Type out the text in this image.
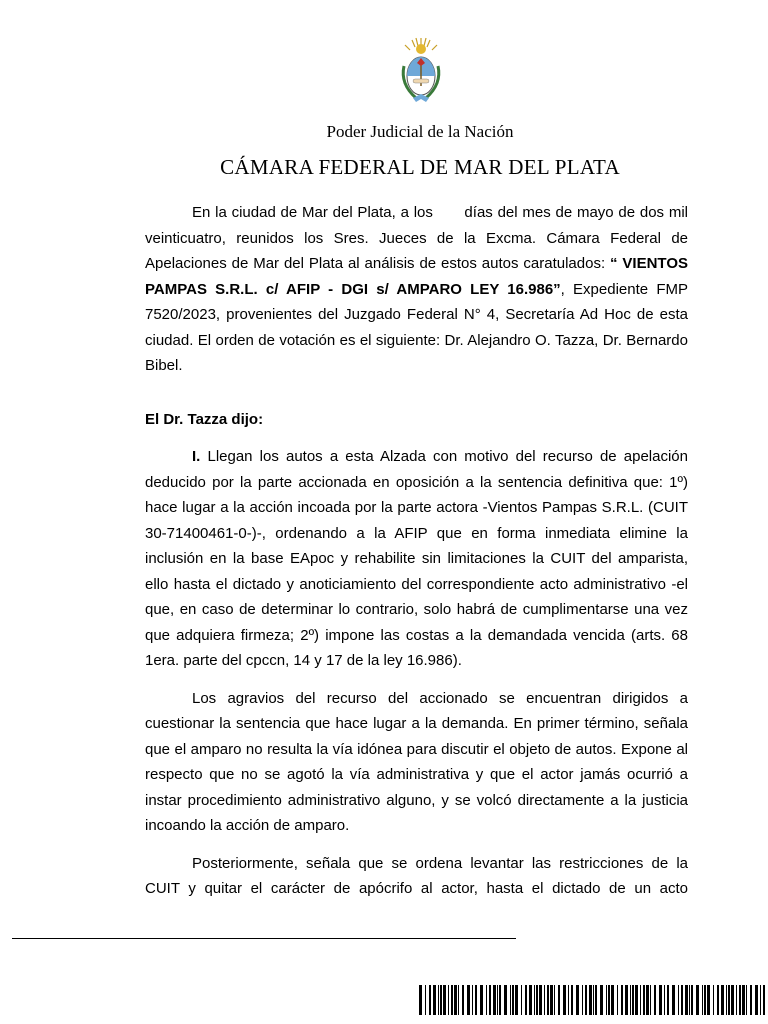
Poder Judicial de la Nación
CÁMARA FEDERAL DE MAR DEL PLATA

En la ciudad de Mar del Plata, a los  días del mes de mayo de dos mil veinticuatro, reunidos los Sres. Jueces de la Excma. Cámara Federal de Apelaciones de Mar del Plata al análisis de estos autos caratulados: “ VIENTOS PAMPAS S.R.L. c/ AFIP - DGI s/ AMPARO LEY 16.986”, Expediente FMP 7520/2023, provenientes del Juzgado Federal N° 4, Secretaría Ad Hoc de esta ciudad. El orden de votación es el siguiente: Dr. Alejandro O. Tazza, Dr. Bernardo Bibel.

El Dr. Tazza dijo:

I. Llegan los autos a esta Alzada con motivo del recurso de apelación deducido por la parte accionada en oposición a la sentencia definitiva que: 1º) hace lugar a la acción incoada por la parte actora -Vientos Pampas S.R.L. (CUIT 30-71400461-0-)-, ordenando a la AFIP que en forma inmediata elimine la inclusión en la base EApoc y rehabilite sin limitaciones la CUIT del amparista, ello hasta el dictado y anoticiamiento del correspondiente acto administrativo -el que, en caso de determinar lo contrario, solo habrá de cumplimentarse una vez que adquiera firmeza; 2º) impone las costas a la demandada vencida (arts. 68 1era. parte del cpccn, 14 y 17 de la ley 16.986).

Los agravios del recurso del accionado se encuentran dirigidos a cuestionar la sentencia que hace lugar a la demanda. En primer término, señala que el amparo no resulta la vía idónea para discutir el objeto de autos. Expone al respecto que no se agotó la vía administrativa y que el actor jamás ocurrió a instar procedimiento administrativo alguno, y se volcó directamente a la justicia incoando la acción de amparo.

Posteriormente, señala que se ordena levantar las restricciones de la CUIT y quitar el carácter de apócrifo al actor, hasta el dictado de un acto
